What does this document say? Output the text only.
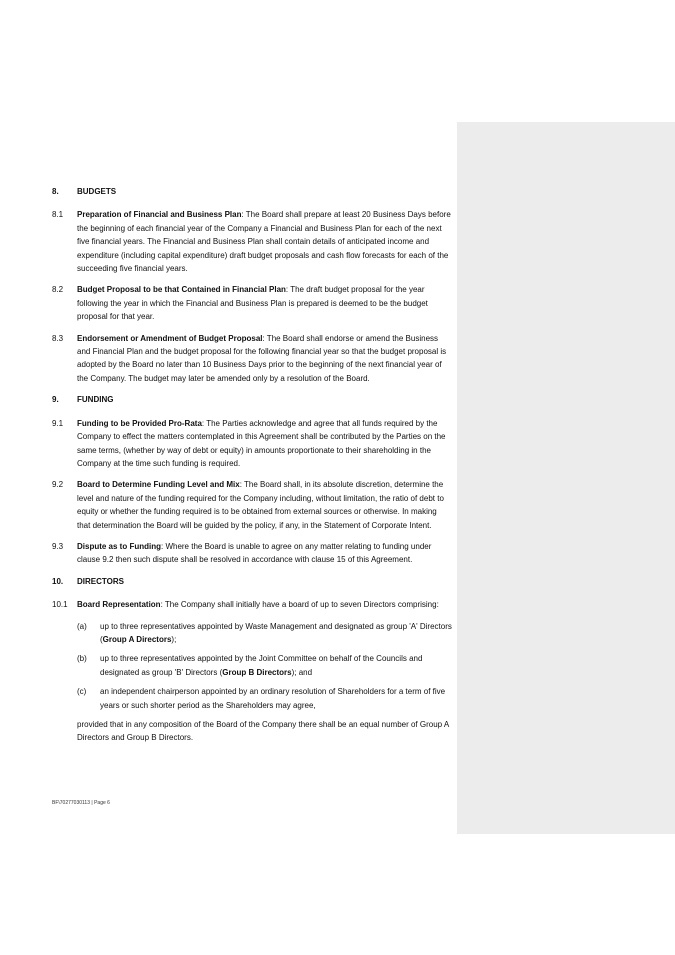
8.	BUDGETS
8.1	Preparation of Financial and Business Plan: The Board shall prepare at least 20 Business Days before the beginning of each financial year of the Company a Financial and Business Plan for each of the next five financial years. The Financial and Business Plan shall contain details of anticipated income and expenditure (including capital expenditure) draft budget proposals and cash flow forecasts for each of the succeeding five financial years.
8.2	Budget Proposal to be that Contained in Financial Plan: The draft budget proposal for the year following the year in which the Financial and Business Plan is prepared is deemed to be the budget proposal for that year.
8.3	Endorsement or Amendment of Budget Proposal: The Board shall endorse or amend the Business and Financial Plan and the budget proposal for the following financial year so that the budget proposal is adopted by the Board no later than 10 Business Days prior to the beginning of the next financial year of the Company. The budget may later be amended only by a resolution of the Board.
9.	FUNDING
9.1	Funding to be Provided Pro-Rata: The Parties acknowledge and agree that all funds required by the Company to effect the matters contemplated in this Agreement shall be contributed by the Parties on the same terms, (whether by way of debt or equity) in amounts proportionate to their shareholding in the Company at the time such funding is required.
9.2	Board to Determine Funding Level and Mix: The Board shall, in its absolute discretion, determine the level and nature of the funding required for the Company including, without limitation, the ratio of debt to equity or whether the funding required is to be obtained from external sources or otherwise. In making that determination the Board will be guided by the policy, if any, in the Statement of Corporate Intent.
9.3	Dispute as to Funding: Where the Board is unable to agree on any matter relating to funding under clause 9.2 then such dispute shall be resolved in accordance with clause 15 of this Agreement.
10.	DIRECTORS
10.1	Board Representation: The Company shall initially have a board of up to seven Directors comprising:
(a)	up to three representatives appointed by Waste Management and designated as group 'A' Directors (Group A Directors);
(b)	up to three representatives appointed by the Joint Committee on behalf of the Councils and designated as group 'B' Directors (Group B Directors); and
(c)	an independent chairperson appointed by an ordinary resolution of Shareholders for a term of five years or such shorter period as the Shareholders may agree,
provided that in any composition of the Board of the Company there shall be an equal number of Group A Directors and Group B Directors.
BF\70277030113 | Page 6
